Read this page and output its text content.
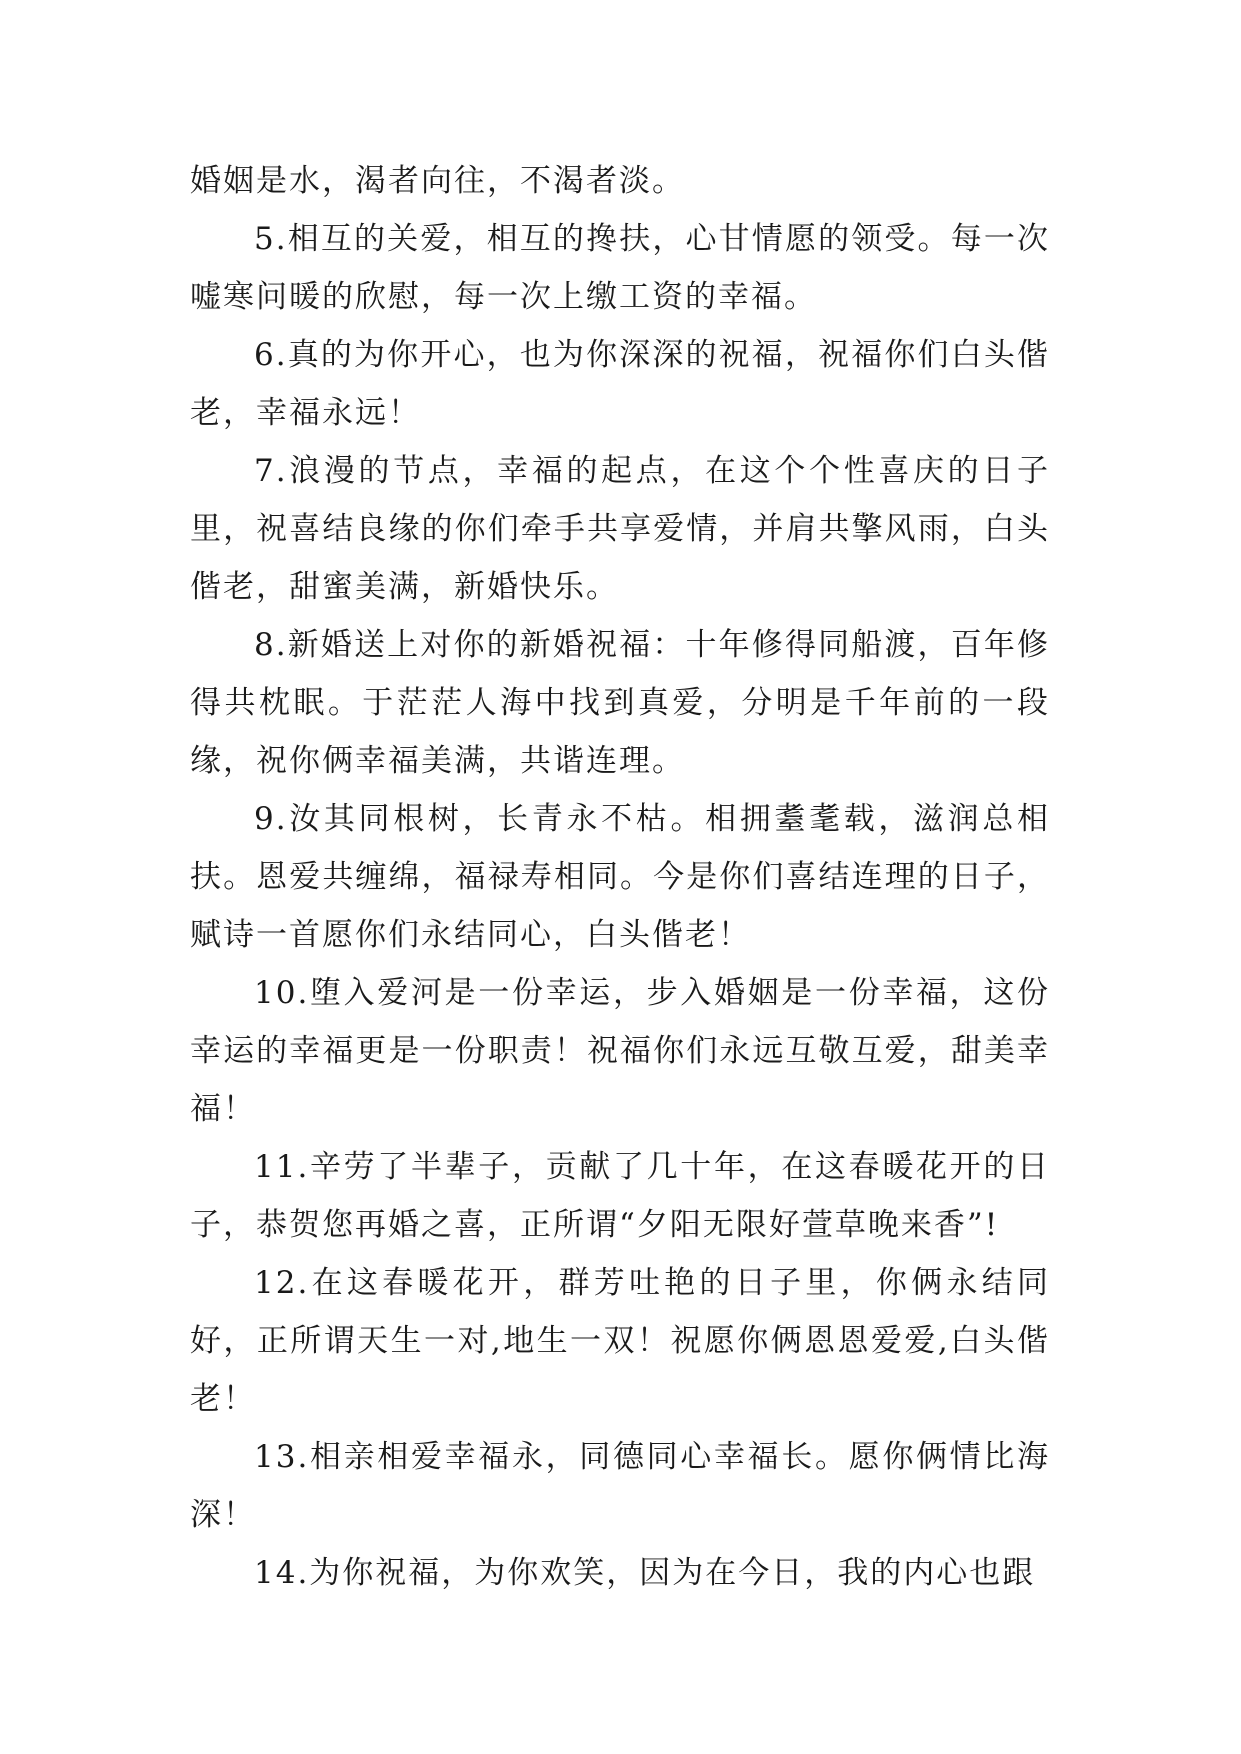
婚姻是水，渴者向往，不渴者淡。

5.相互的关爱，相互的搀扶，心甘情愿的领受。每一次嘘寒问暖的欣慰，每一次上缴工资的幸福。

6.真的为你开心，也为你深深的祝福，祝福你们白头偕老，幸福永远！

7.浪漫的节点，幸福的起点，在这个个性喜庆的日子里，祝喜结良缘的你们牵手共享爱情，并肩共擎风雨，白头偕老，甜蜜美满，新婚快乐。

8.新婚送上对你的新婚祝福：十年修得同船渡，百年修得共枕眠。于茫茫人海中找到真爱，分明是千年前的一段缘，祝你俩幸福美满，共谐连理。

9.汝其同根树，长青永不枯。相拥耋耄载，滋润总相扶。恩爱共缠绵，福禄寿相同。今是你们喜结连理的日子，赋诗一首愿你们永结同心，白头偕老！

10.堕入爱河是一份幸运，步入婚姻是一份幸福，这份幸运的幸福更是一份职责！祝福你们永远互敬互爱，甜美幸福！

11.辛劳了半辈子，贡献了几十年，在这春暖花开的日子，恭贺您再婚之喜，正所谓“夕阳无限好萱草晚来香”!

12.在这春暖花开，群芳吐艳的日子里，你俩永结同好，正所谓天生一对,地生一双！祝愿你俩恩恩爱爱,白头偕老！

13.相亲相爱幸福永，同德同心幸福长。愿你俩情比海深！

14.为你祝福，为你欢笑，因为在今日，我的内心也跟
